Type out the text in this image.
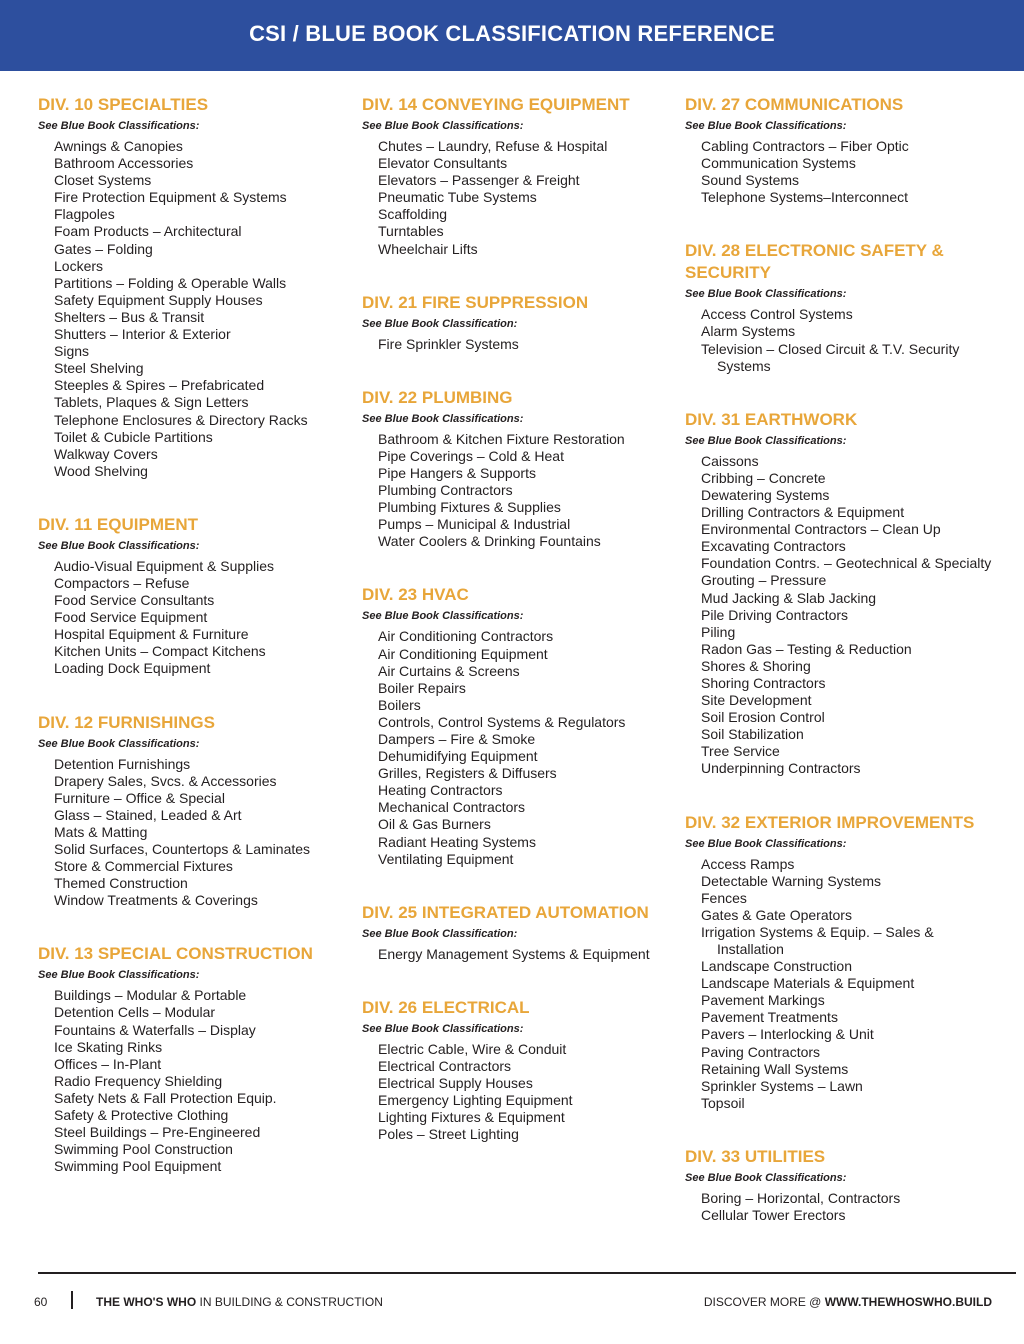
CSI / BLUE BOOK CLASSIFICATION REFERENCE
DIV. 10 SPECIALTIES
See Blue Book Classifications:
Awnings & Canopies
Bathroom Accessories
Closet Systems
Fire Protection Equipment & Systems
Flagpoles
Foam Products – Architectural
Gates – Folding
Lockers
Partitions – Folding & Operable Walls
Safety Equipment Supply Houses
Shelters – Bus & Transit
Shutters – Interior & Exterior
Signs
Steel Shelving
Steeples & Spires – Prefabricated
Tablets, Plaques & Sign Letters
Telephone Enclosures & Directory Racks
Toilet & Cubicle Partitions
Walkway Covers
Wood Shelving
DIV. 11 EQUIPMENT
See Blue Book Classifications:
Audio-Visual Equipment & Supplies
Compactors – Refuse
Food Service Consultants
Food Service Equipment
Hospital Equipment & Furniture
Kitchen Units – Compact Kitchens
Loading Dock Equipment
DIV. 12 FURNISHINGS
See Blue Book Classifications:
Detention Furnishings
Drapery Sales, Svcs. & Accessories
Furniture – Office & Special
Glass – Stained, Leaded & Art
Mats & Matting
Solid Surfaces, Countertops & Laminates
Store & Commercial Fixtures
Themed Construction
Window Treatments & Coverings
DIV. 13 SPECIAL CONSTRUCTION
See Blue Book Classifications:
Buildings – Modular & Portable
Detention Cells – Modular
Fountains & Waterfalls – Display
Ice Skating Rinks
Offices – In-Plant
Radio Frequency Shielding
Safety Nets & Fall Protection Equip.
Safety & Protective Clothing
Steel Buildings – Pre-Engineered
Swimming Pool Construction
Swimming Pool Equipment
DIV. 14 CONVEYING EQUIPMENT
See Blue Book Classifications:
Chutes – Laundry, Refuse & Hospital
Elevator Consultants
Elevators – Passenger & Freight
Pneumatic Tube Systems
Scaffolding
Turntables
Wheelchair Lifts
DIV. 21 FIRE SUPPRESSION
See Blue Book Classification:
Fire Sprinkler Systems
DIV. 22 PLUMBING
See Blue Book Classifications:
Bathroom & Kitchen Fixture Restoration
Pipe Coverings – Cold & Heat
Pipe Hangers & Supports
Plumbing Contractors
Plumbing Fixtures & Supplies
Pumps – Municipal & Industrial
Water Coolers & Drinking Fountains
DIV. 23 HVAC
See Blue Book Classifications:
Air Conditioning Contractors
Air Conditioning Equipment
Air Curtains & Screens
Boiler Repairs
Boilers
Controls, Control Systems & Regulators
Dampers – Fire & Smoke
Dehumidifying Equipment
Grilles, Registers & Diffusers
Heating Contractors
Mechanical Contractors
Oil & Gas Burners
Radiant Heating Systems
Ventilating Equipment
DIV. 25 INTEGRATED AUTOMATION
See Blue Book Classification:
Energy Management Systems & Equipment
DIV. 26 ELECTRICAL
See Blue Book Classifications:
Electric Cable, Wire & Conduit
Electrical Contractors
Electrical Supply Houses
Emergency Lighting Equipment
Lighting Fixtures & Equipment
Poles – Street Lighting
DIV. 27 COMMUNICATIONS
See Blue Book Classifications:
Cabling Contractors – Fiber Optic
Communication Systems
Sound Systems
Telephone Systems–Interconnect
DIV. 28 ELECTRONIC SAFETY & SECURITY
See Blue Book Classifications:
Access Control Systems
Alarm Systems
Television – Closed Circuit & T.V. Security Systems
DIV. 31 EARTHWORK
See Blue Book Classifications:
Caissons
Cribbing – Concrete
Dewatering Systems
Drilling Contractors & Equipment
Environmental Contractors – Clean Up
Excavating Contractors
Foundation Contrs. – Geotechnical & Specialty
Grouting – Pressure
Mud Jacking & Slab Jacking
Pile Driving Contractors
Piling
Radon Gas – Testing & Reduction
Shores & Shoring
Shoring Contractors
Site Development
Soil Erosion Control
Soil Stabilization
Tree Service
Underpinning Contractors
DIV. 32 EXTERIOR IMPROVEMENTS
See Blue Book Classifications:
Access Ramps
Detectable Warning Systems
Fences
Gates & Gate Operators
Irrigation Systems & Equip. – Sales & Installation
Landscape Construction
Landscape Materials & Equipment
Pavement Markings
Pavement Treatments
Pavers – Interlocking & Unit
Paving Contractors
Retaining Wall Systems
Sprinkler Systems – Lawn
Topsoil
DIV. 33 UTILITIES
See Blue Book Classifications:
Boring – Horizontal, Contractors
Cellular Tower Erectors
60	THE WHO'S WHO IN BUILDING & CONSTRUCTION	DISCOVER MORE @ WWW.THEWHOSWHO.BUILD
